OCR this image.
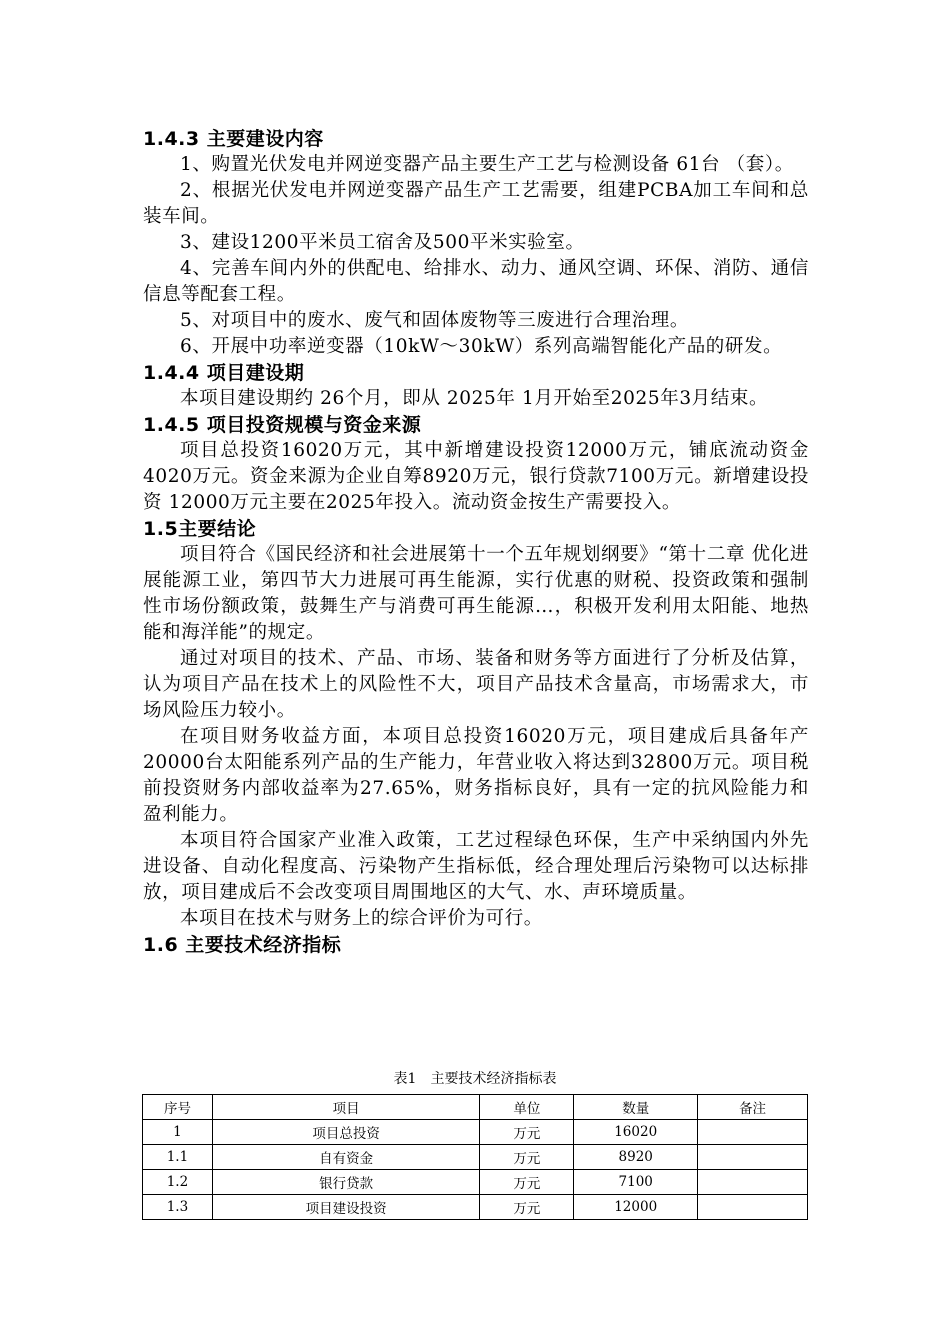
1.4.3 主要建设内容

1、购置光伏发电并网逆变器产品主要生产工艺与检测设备 61台 （套）。

2、根据光伏发电并网逆变器产品生产工艺需要，组建PCBA加工车间和总装车间。

3、建设1200平米员工宿舍及500平米实验室。

4、完善车间内外的供配电、给排水、动力、通风空调、环保、消防、通信信息等配套工程。

5、对项目中的废水、废气和固体废物等三废进行合理治理。

6、开展中功率逆变器（10kW～30kW）系列高端智能化产品的研发。

1.4.4 项目建设期

本项目建设期约 26个月，即从 2025年 1月开始至2025年3月结束。

1.4.5 项目投资规模与资金来源

项目总投资16020万元，其中新增建设投资12000万元，铺底流动资金 4020万元。资金来源为企业自筹8920万元，银行贷款7100万元。新增建设投资 12000万元主要在2025年投入。流动资金按生产需要投入。

1.5主要结论

项目符合《国民经济和社会进展第十一个五年规划纲要》“第十二章 优化进展能源工业，第四节大力进展可再生能源，实行优惠的财税、投资政策和强制性市场份额政策，鼓舞生产与消费可再生能源…，积极开发利用太阳能、地热能和海洋能”的规定。

通过对项目的技术、产品、市场、装备和财务等方面进行了分析及估算，认为项目产品在技术上的风险性不大，项目产品技术含量高，市场需求大，市场风险压力较小。

在项目财务收益方面，本项目总投资16020万元，项目建成后具备年产20000台太阳能系列产品的生产能力，年营业收入将达到32800万元。项目税前投资财务内部收益率为27.65%，财务指标良好，具有一定的抗风险能力和盈利能力。

本项目符合国家产业准入政策，工艺过程绿色环保，生产中采纳国内外先进设备、自动化程度高、污染物产生指标低，经合理处理后污染物可以达标排放，项目建成后不会改变项目周围地区的大气、水、声环境质量。

本项目在技术与财务上的综合评价为可行。

1.6 主要技术经济指标
表1　主要技术经济指标表
序号	项目	单位	数量	备注
1	项目总投资	万元	16020	
1.1	自有资金	万元	8920	
1.2	银行贷款	万元	7100	
1.3	项目建设投资	万元	12000	
